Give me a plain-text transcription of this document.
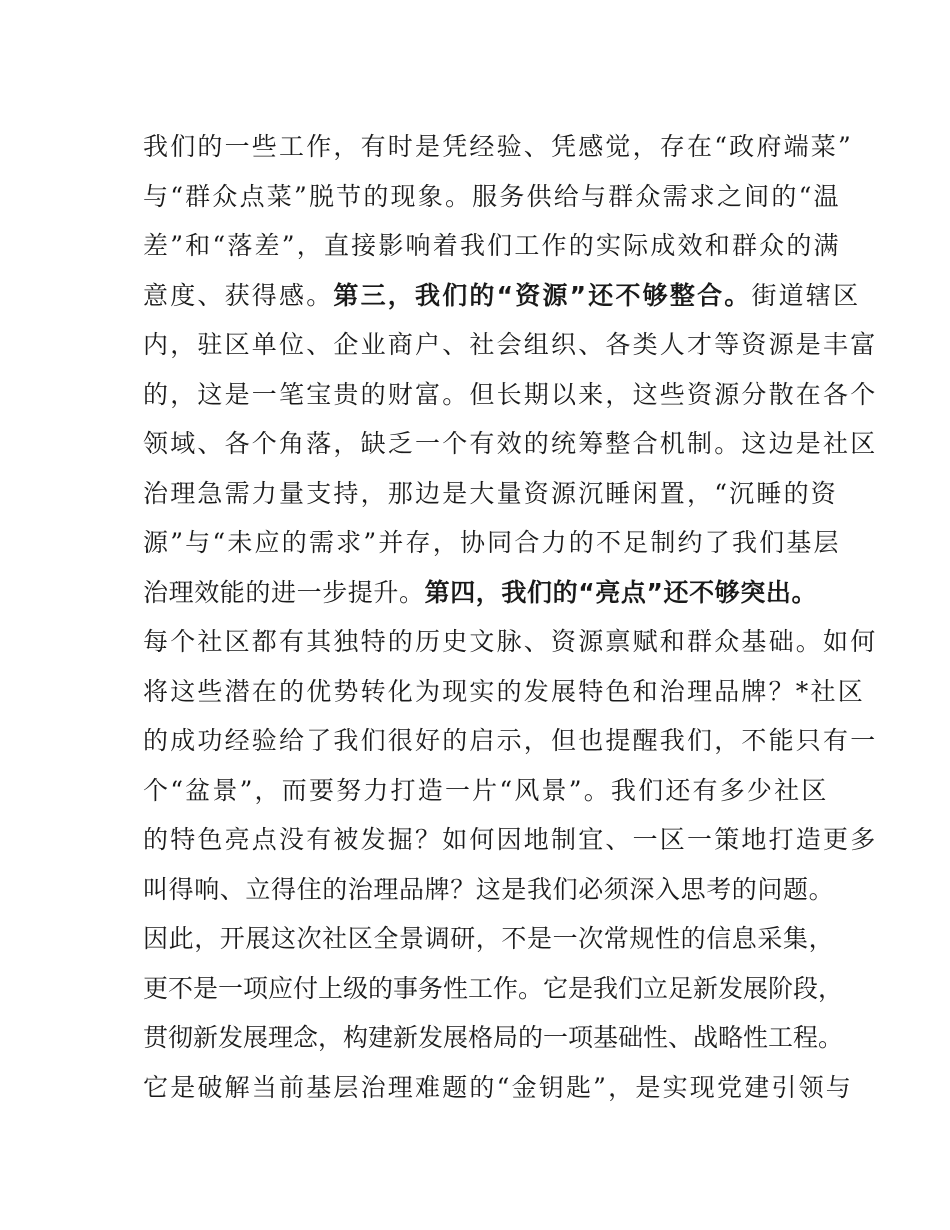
我们的一些工作，有时是凭经验、凭感觉，存在“政府端菜”
与“群众点菜”脱节的现象。服务供给与群众需求之间的“温
差”和“落差”，直接影响着我们工作的实际成效和群众的满
意度、获得感。第三，我们的“资源”还不够整合。街道辖区
内，驻区单位、企业商户、社会组织、各类人才等资源是丰富
的，这是一笔宝贵的财富。但长期以来，这些资源分散在各个
领域、各个角落，缺乏一个有效的统筹整合机制。这边是社区
治理急需力量支持，那边是大量资源沉睡闲置，“沉睡的资
源”与“未应的需求”并存，协同合力的不足制约了我们基层
治理效能的进一步提升。第四，我们的“亮点”还不够突出。
每个社区都有其独特的历史文脉、资源禀赋和群众基础。如何
将这些潜在的优势转化为现实的发展特色和治理品牌？*社区
的成功经验给了我们很好的启示，但也提醒我们，不能只有一
个“盆景”，而要努力打造一片“风景”。我们还有多少社区
的特色亮点没有被发掘？如何因地制宜、一区一策地打造更多
叫得响、立得住的治理品牌？这是我们必须深入思考的问题。
因此，开展这次社区全景调研，不是一次常规性的信息采集，
更不是一项应付上级的事务性工作。它是我们立足新发展阶段，
贯彻新发展理念，构建新发展格局的一项基础性、战略性工程。
它是破解当前基层治理难题的“金钥匙”，是实现党建引领与
